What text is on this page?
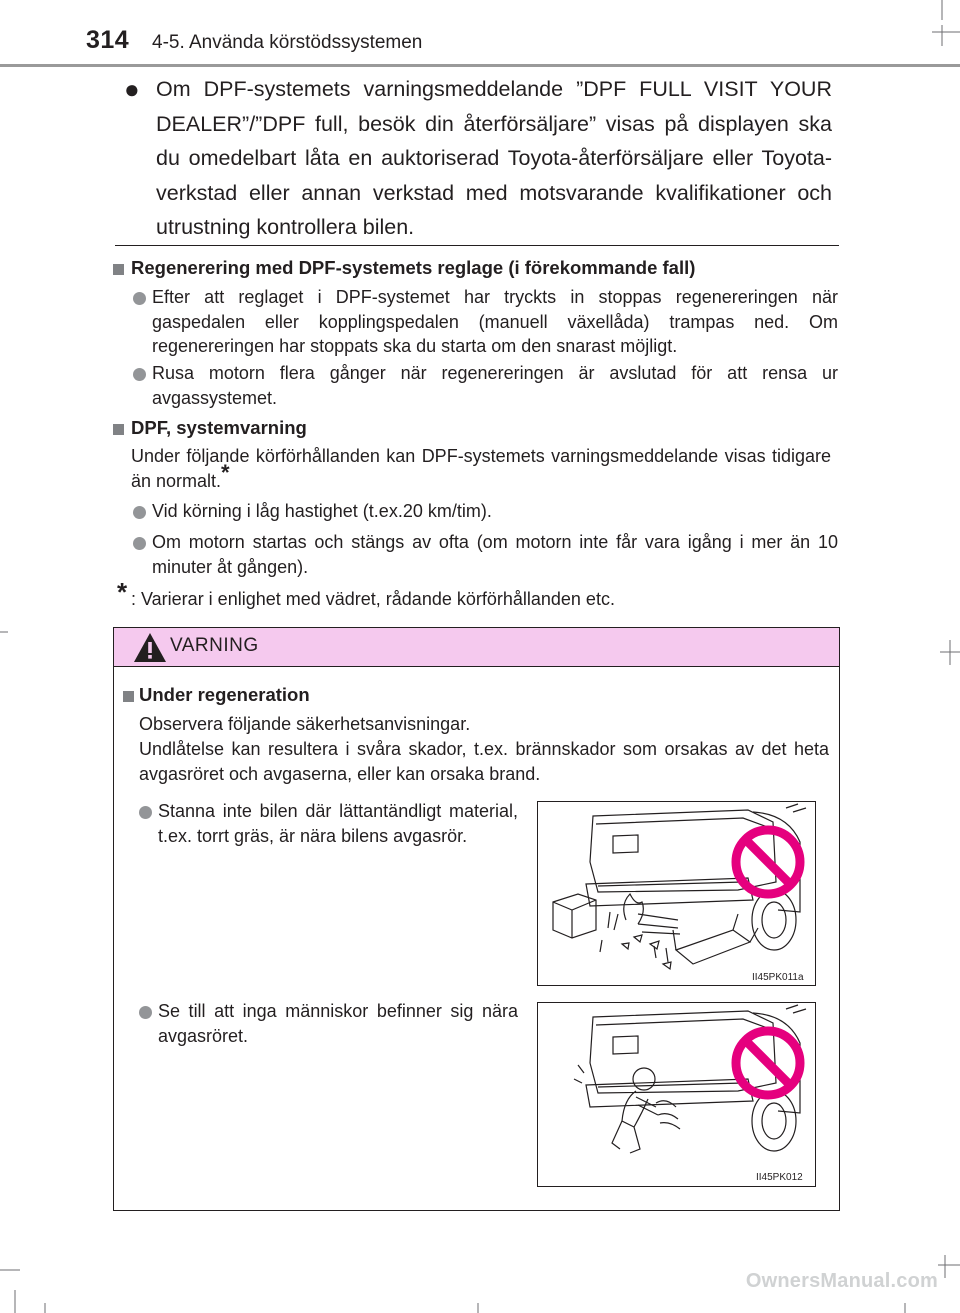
314 4-5. Använda körstödssystemen
● Om DPF-systemets varningsmeddelande ”DPF FULL VISIT YOUR DEALER”/”DPF full, besök din återförsäljare” visas på displayen ska du omedelbart låta en auktoriserad Toyota-återförsäljare eller Toyota-verkstad eller annan verkstad med motsvarande kvalifikationer och utrustning kontrollera bilen.
Regenerering med DPF-systemets reglage (i förekommande fall)
Efter att reglaget i DPF-systemet har tryckts in stoppas regenereringen när gaspedalen eller kopplingspedalen (manuell växellåda) trampas ned. Om regenereringen har stoppats ska du starta om den snarast möjligt.
Rusa motorn flera gånger när regenereringen är avslutad för att rensa ur avgassystemet.
DPF, systemvarning
Under följande körförhållanden kan DPF-systemets varningsmeddelande visas tidigare än normalt.*
Vid körning i låg hastighet (t.ex.20 km/tim).
Om motorn startas och stängs av ofta (om motorn inte får vara igång i mer än 10 minuter åt gången).
* : Varierar i enlighet med vädret, rådande körförhållanden etc.
VARNING
Under regeneration
Observera följande säkerhetsanvisningar.
Undlåtelse kan resultera i svåra skador, t.ex. brännskador som orsakas av det heta avgasröret och avgaserna, eller kan orsaka brand.
Stanna inte bilen där lättantändligt material, t.ex. torrt gräs, är nära bilens avgasrör.
II45PK011a
Se till att inga människor befinner sig nära avgasröret.
II45PK012
OwnersManual.com
